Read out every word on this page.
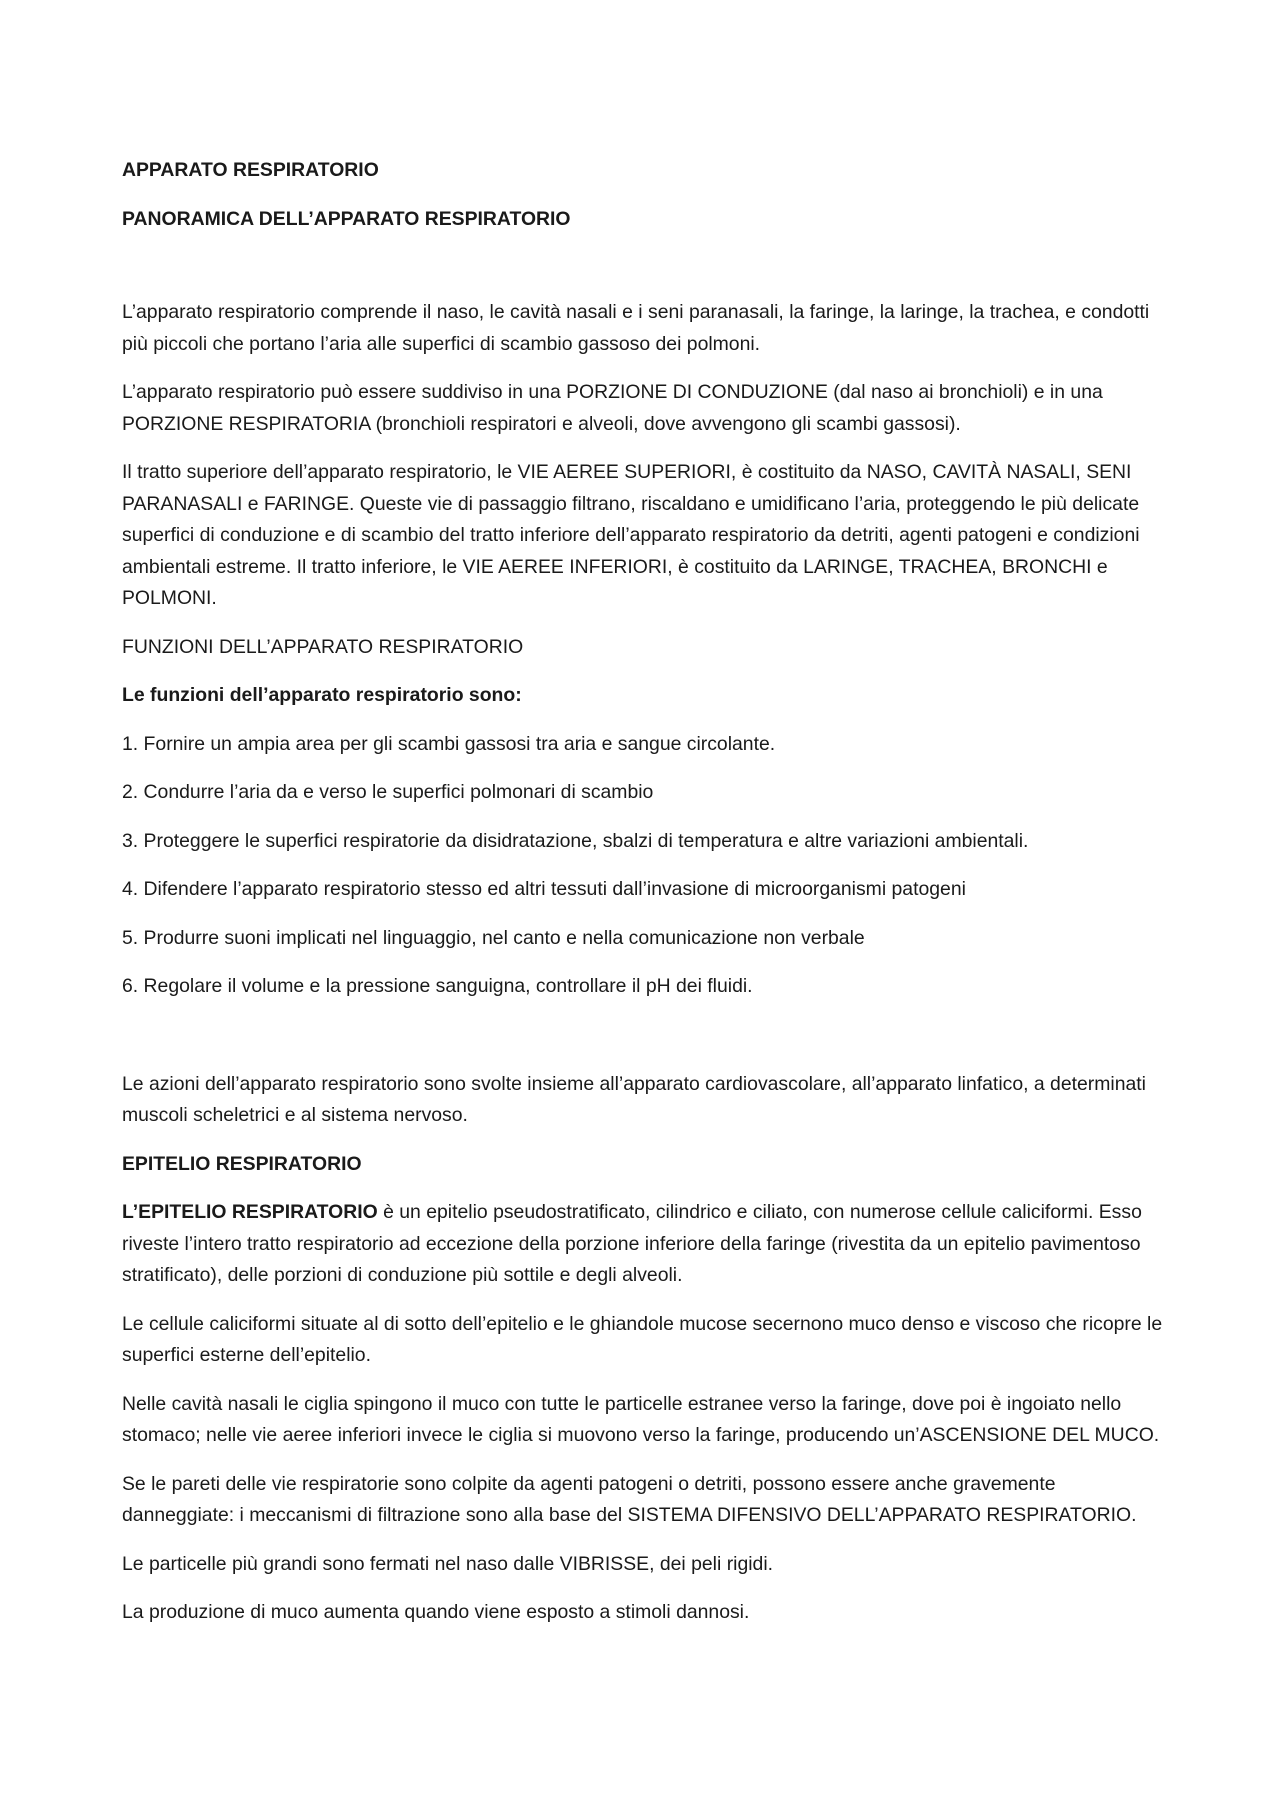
APPARATO RESPIRATORIO

PANORAMICA DELL’APPARATO RESPIRATORIO

L’apparato respiratorio comprende il naso, le cavità nasali e i seni paranasali, la faringe, la laringe, la trachea, e condotti più piccoli che portano l’aria alle superfici di scambio gassoso dei polmoni.

L’apparato respiratorio può essere suddiviso in una PORZIONE DI CONDUZIONE (dal naso ai bronchioli) e in una PORZIONE RESPIRATORIA (bronchioli respiratori e alveoli, dove avvengono gli scambi gassosi).

Il tratto superiore dell’apparato respiratorio, le VIE AEREE SUPERIORI, è costituito da NASO, CAVITÀ NASALI, SENI PARANASALI e FARINGE. Queste vie di passaggio filtrano, riscaldano e umidificano l’aria, proteggendo le più delicate superfici di conduzione e di scambio del tratto inferiore dell’apparato respiratorio da detriti, agenti patogeni e condizioni ambientali estreme. Il tratto inferiore, le VIE AEREE INFERIORI, è costituito da LARINGE, TRACHEA, BRONCHI e POLMONI.

FUNZIONI DELL’APPARATO RESPIRATORIO

Le funzioni dell’apparato respiratorio sono:

1. Fornire un ampia area per gli scambi gassosi tra aria e sangue circolante.

2. Condurre l’aria da e verso le superfici polmonari di scambio

3. Proteggere le superfici respiratorie da disidratazione, sbalzi di temperatura e altre variazioni ambientali.

4. Difendere l’apparato respiratorio stesso ed altri tessuti dall’invasione di microorganismi patogeni

5. Produrre suoni implicati nel linguaggio, nel canto e nella comunicazione non verbale

6. Regolare il volume e la pressione sanguigna, controllare il pH dei fluidi.

Le azioni dell’apparato respiratorio sono svolte insieme all’apparato cardiovascolare, all’apparato linfatico, a determinati muscoli scheletrici e al sistema nervoso.

EPITELIO RESPIRATORIO

L’EPITELIO RESPIRATORIO è un epitelio pseudostratificato, cilindrico e ciliato, con numerose cellule caliciformi. Esso riveste l’intero tratto respiratorio ad eccezione della porzione inferiore della faringe (rivestita da un epitelio pavimentoso stratificato), delle porzioni di conduzione più sottile e degli alveoli.

Le cellule caliciformi situate al di sotto dell’epitelio e le ghiandole mucose secernono muco denso e viscoso che ricopre le superfici esterne dell’epitelio.

Nelle cavità nasali le ciglia spingono il muco con tutte le particelle estranee verso la faringe, dove poi è ingoiato nello stomaco; nelle vie aeree inferiori invece le ciglia si muovono verso la faringe, producendo un’ASCENSIONE DEL MUCO.

Se le pareti delle vie respiratorie sono colpite da agenti patogeni o detriti, possono essere anche gravemente danneggiate: i meccanismi di filtrazione sono alla base del SISTEMA DIFENSIVO DELL’APPARATO RESPIRATORIO.

Le particelle più grandi sono fermati nel naso dalle VIBRISSE, dei peli rigidi.

La produzione di muco aumenta quando viene esposto a stimoli dannosi.
